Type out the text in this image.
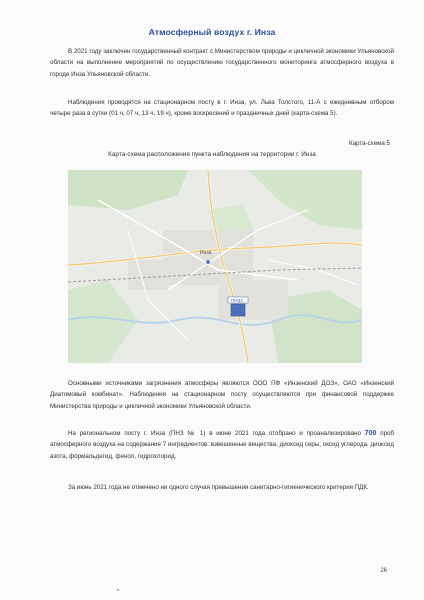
Атмосферный воздух г. Инза
В 2021 году заключен государственный контракт с Министерством природы и цикличной экономики Ульяновской области на выполнение мероприятий по осуществлению государственного мониторинга атмосферного воздуха в городе Инза Ульяновской области.
Наблюдения проводятся на стационарном посту в г. Инза, ул. Льва Толстого, 11-А с ежедневным отбором четыре раза в сутки (01 ч, 07 ч, 13 ч, 19 ч), кроме воскресений и праздничных дней (карта-схема 5).
Карта-схема 5
Карта-схема расположения пункта наблюдения на территории г. Инза
Инза
ПНЗ1
Основными источниками загрязнения атмосферы являются ООО ПФ «Инзенский ДОЗ», ОАО «Инзенский Диатомовый комбинат». Наблюдения на стационарном посту осуществляются при финансовой поддержке Министерства природы и цикличной экономики Ульяновской области.
На региональном посту г. Инза (ПНЗ № 1) в июне 2021 года отобрано и проанализировано 700 проб атмосферного воздуха на содержание 7 ингредиентов: взвешенные вещества, диоксид серы, оксид углерода, диоксид азота, формальдегид, фенол, гидрохлорид.
За июнь 2021 года не отмечено ни одного случая превышения санитарно-гигиенического критерия ПДК.
26
